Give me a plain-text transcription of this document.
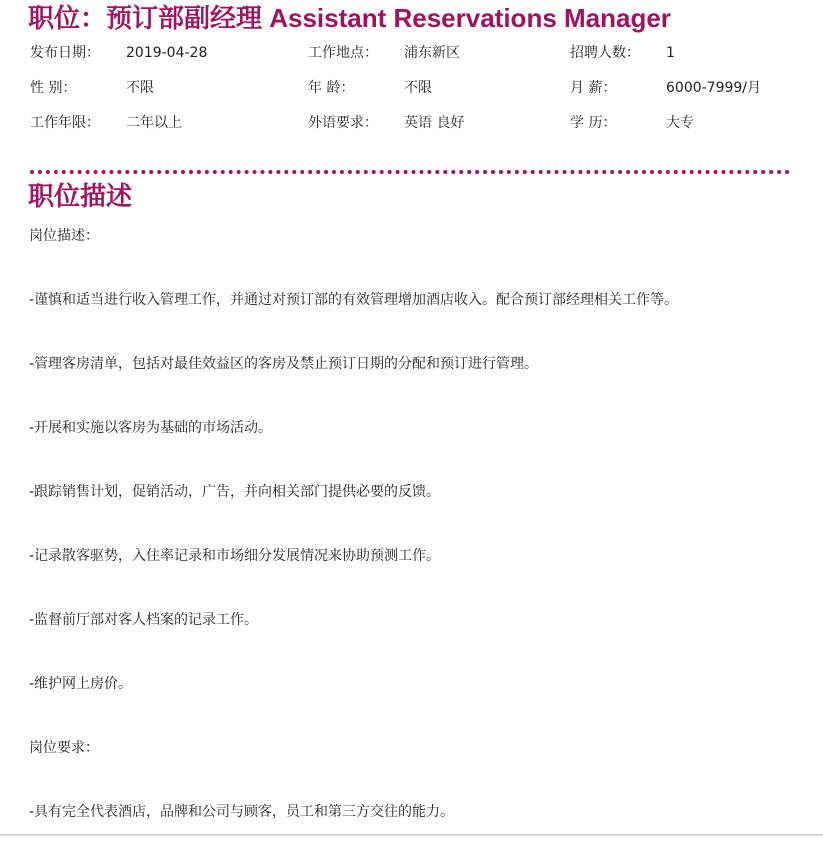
职位：预订部副经理 Assistant Reservations Manager
发布日期： 2019-04-28	工作地点： 浦东新区	招聘人数： 1
性 别：	不限	年 龄：	不限	月 薪：	6000-7999/月
工作年限： 二年以上	外语要求： 英语 良好	学 历：	大专
职位描述

岗位描述：

-谨慎和适当进行收入管理工作，并通过对预订部的有效管理增加酒店收入。配合预订部经理相关工作等。

-管理客房清单，包括对最佳效益区的客房及禁止预订日期的分配和预订进行管理。

-开展和实施以客房为基础的市场活动。

-跟踪销售计划，促销活动，广告，并向相关部门提供必要的反馈。

-记录散客驱势，入住率记录和市场细分发展情况来协助预测工作。

-监督前厅部对客人档案的记录工作。

-维护网上房价。

岗位要求：

-具有完全代表酒店，品牌和公司与顾客，员工和第三方交往的能力。
